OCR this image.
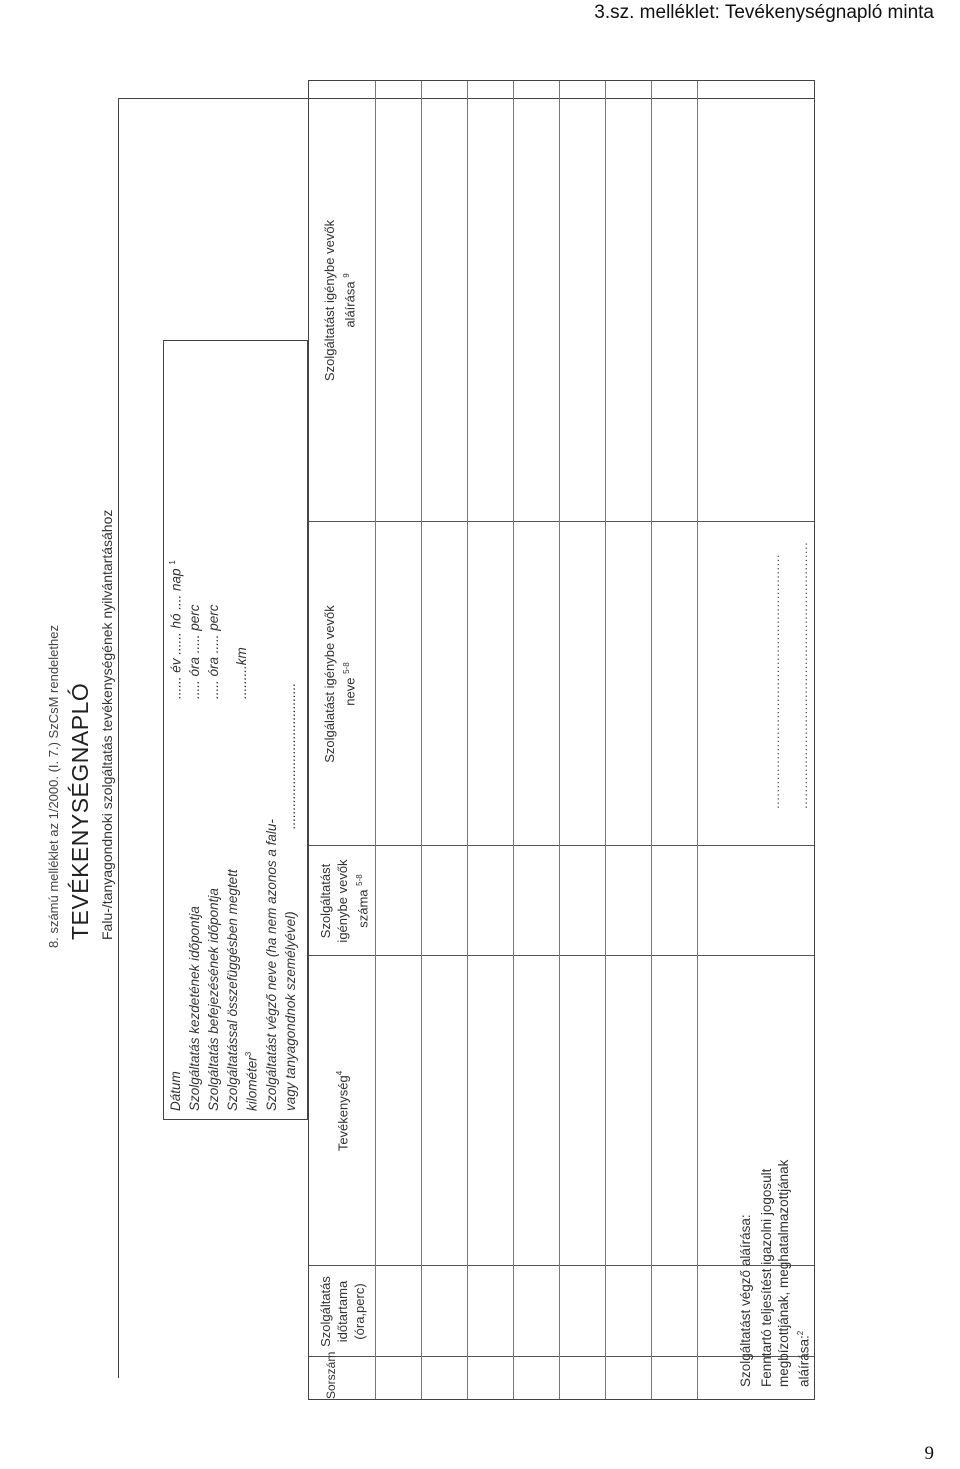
3.sz. melléklet: Tevékenységnapló minta
8. számú melléklet az 1/2000. (I. 7.) SzCsM rendelethez TEVÉKENYSÉGNAPLÓ Falu-/tanyagondnoki szolgáltatás tevékenységének nyilvántartásához
Dátum
...... év ...... hó .... nap $^1$
Szolgáltatás kezdetének időpontja
..... óra ..... perc
Szolgáltatás befejezésének időpontja
..... óra ..... perc
Szolgáltatással összefüggésben megtett kilométer$^3$
.........km
Szolgáltatást végző neve (ha nem azonos a falu- vagy tanyagondnok személyével)
.......................................
Sorszám
Szolgáltatás időtartama (óra,perc)
Tevékenység$^4$
Szolgáltatást igénybe vevők száma $^{5-8}$
Szolgálatást igénybe vevők neve $^{5-8}$
Szolgáltatást igénybe vevők aláírása $^9$
Szolgáltatást végző aláírása: Fenntartó teljesítést igazolni jogosult megbízottjának, meghatalmazottjának aláírása:$^2$
.............................................................. .................................................................
9
